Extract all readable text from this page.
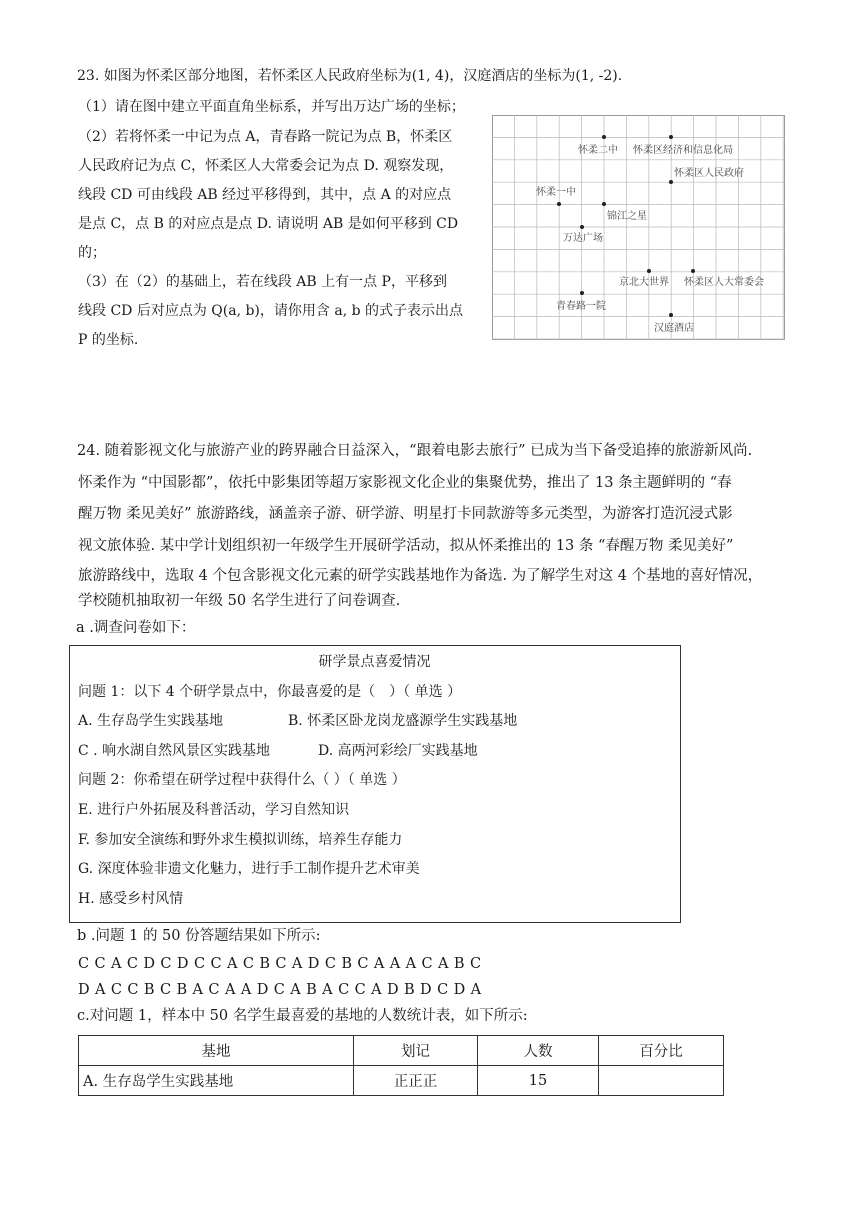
23. 如图为怀柔区部分地图，若怀柔区人民政府坐标为(1, 4)，汉庭酒店的坐标为(1, -2).
（1）请在图中建立平面直角坐标系，并写出万达广场的坐标；
（2）若将怀柔一中记为点 A，青春路一院记为点 B，怀柔区
人民政府记为点 C，怀柔区人大常委会记为点 D. 观察发现，
线段 CD 可由线段 AB 经过平移得到，其中，点 A 的对应点
是点 C，点 B 的对应点是点 D. 请说明 AB 是如何平移到 CD
的；
（3）在（2）的基础上，若在线段 AB 上有一点 P，平移到
线段 CD 后对应点为 Q(a, b)，请你用含 a, b 的式子表示出点
P 的坐标.
怀柔二中 怀柔区经济和信息化局
怀柔区人民政府
怀柔一中
锦江之星
万达广场
京北大世界 怀柔区人大常委会
青春路一院
汉庭酒店
24. 随着影视文化与旅游产业的跨界融合日益深入，“跟着电影去旅行” 已成为当下备受追捧的旅游新风尚.
怀柔作为 “中国影都”，依托中影集团等超万家影视文化企业的集聚优势，推出了 13 条主题鲜明的 “春
醒万物 柔见美好” 旅游路线，涵盖亲子游、研学游、明星打卡同款游等多元类型，为游客打造沉浸式影
视文旅体验. 某中学计划组织初一年级学生开展研学活动，拟从怀柔推出的 13 条 “春醒万物 柔见美好”
旅游路线中，选取 4 个包含影视文化元素的研学实践基地作为备选. 为了解学生对这 4 个基地的喜好情况，
学校随机抽取初一年级 50 名学生进行了问卷调查.
a .调查问卷如下：
研学景点喜爱情况
问题 1：以下 4 个研学景点中，你最喜爱的是（　）（ 单选 ）
A. 生存岛学生实践基地	B. 怀柔区卧龙岗龙盛源学生实践基地
C . 响水湖自然风景区实践基地	D. 高两河彩绘厂实践基地
问题 2：你希望在研学过程中获得什么（ ）（ 单选 ）
E. 进行户外拓展及科普活动，学习自然知识
F. 参加安全演练和野外求生模拟训练，培养生存能力
G. 深度体验非遗文化魅力，进行手工制作提升艺术审美
H. 感受乡村风情
b .问题 1 的 50 份答题结果如下所示:
C C A C D C D C C A C B C A D C B C A A A C A B C
D A C C B C B A C A A D C A B A C C A D B D C D A
c.对问题 1，样本中 50 名学生最喜爱的基地的人数统计表，如下所示:
基地	划记	人数	百分比
A. 生存岛学生实践基地	正正正	15	
